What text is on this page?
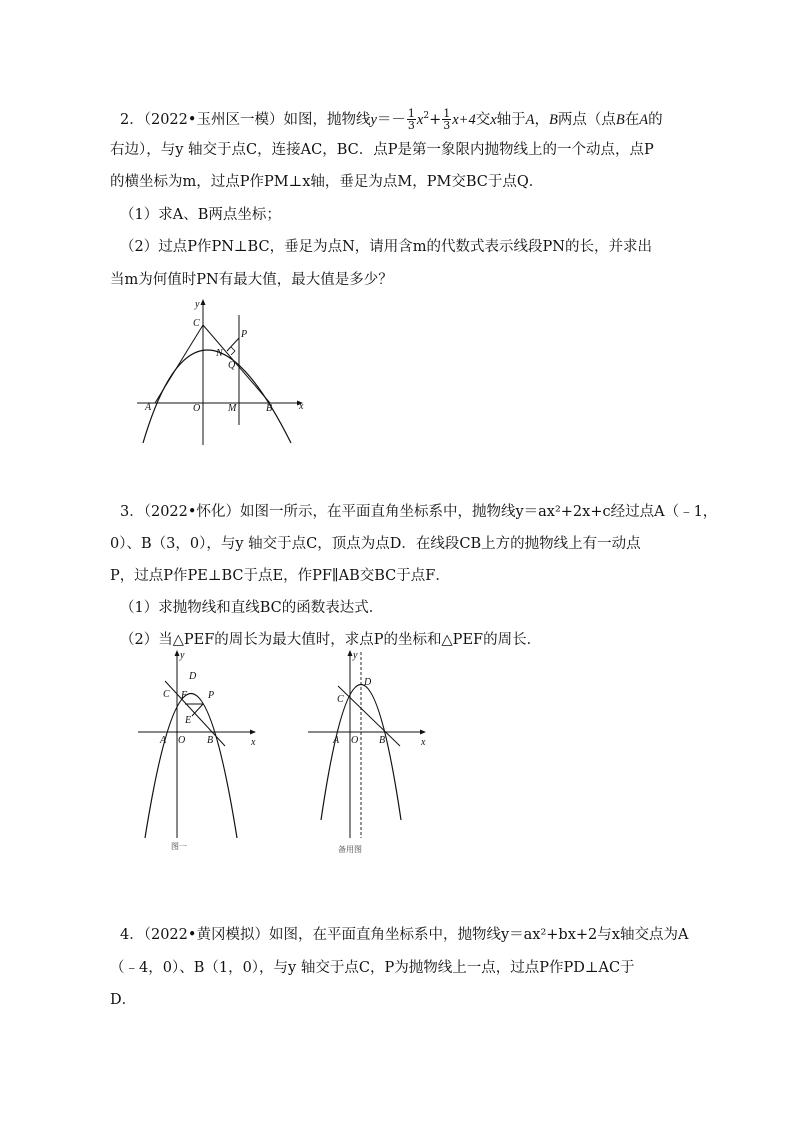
2．（2022•玉州区一模）如图，抛物线$y=- \frac{1}{3} x^2+ \frac{1}{3} x+4$交x轴于A，B两点（点B在A的
右边），与y 轴交于点C，连接AC，BC．点P是第一象限内抛物线上的一个动点，点P
的横坐标为m，过点P作PM⊥x轴，垂足为点M，PM交BC于点Q．
（1）求A、B两点坐标；
（2）过点P作PN⊥BC，垂足为点N，请用含m的代数式表示线段PN的长，并求出
当m为何值时PN有最大值，最大值是多少？
y
x
C
P
N
Q
A	O	M	B
3．（2022•怀化）如图一所示，在平面直角坐标系中，抛物线y＝ax²+2x+c经过点A（﹣1，
0）、B（3，0），与y 轴交于点C，顶点为点D．在线段CB上方的抛物线上有一动点
P，过点P作PE⊥BC于点E，作PF∥AB交BC于点F．
（1）求抛物线和直线BC的函数表达式．
（2）当△PEF的周长为最大值时，求点P的坐标和△PEF的周长．
y
x
D
C F P
E
A O B
图一
y
x
D
C
A O B
备用图
4．（2022•黄冈模拟）如图，在平面直角坐标系中，抛物线y＝ax²+bx+2与x轴交点为A
（﹣4，0）、B（1，0），与y 轴交于点C，P为抛物线上一点，过点P作PD⊥AC于
D．
